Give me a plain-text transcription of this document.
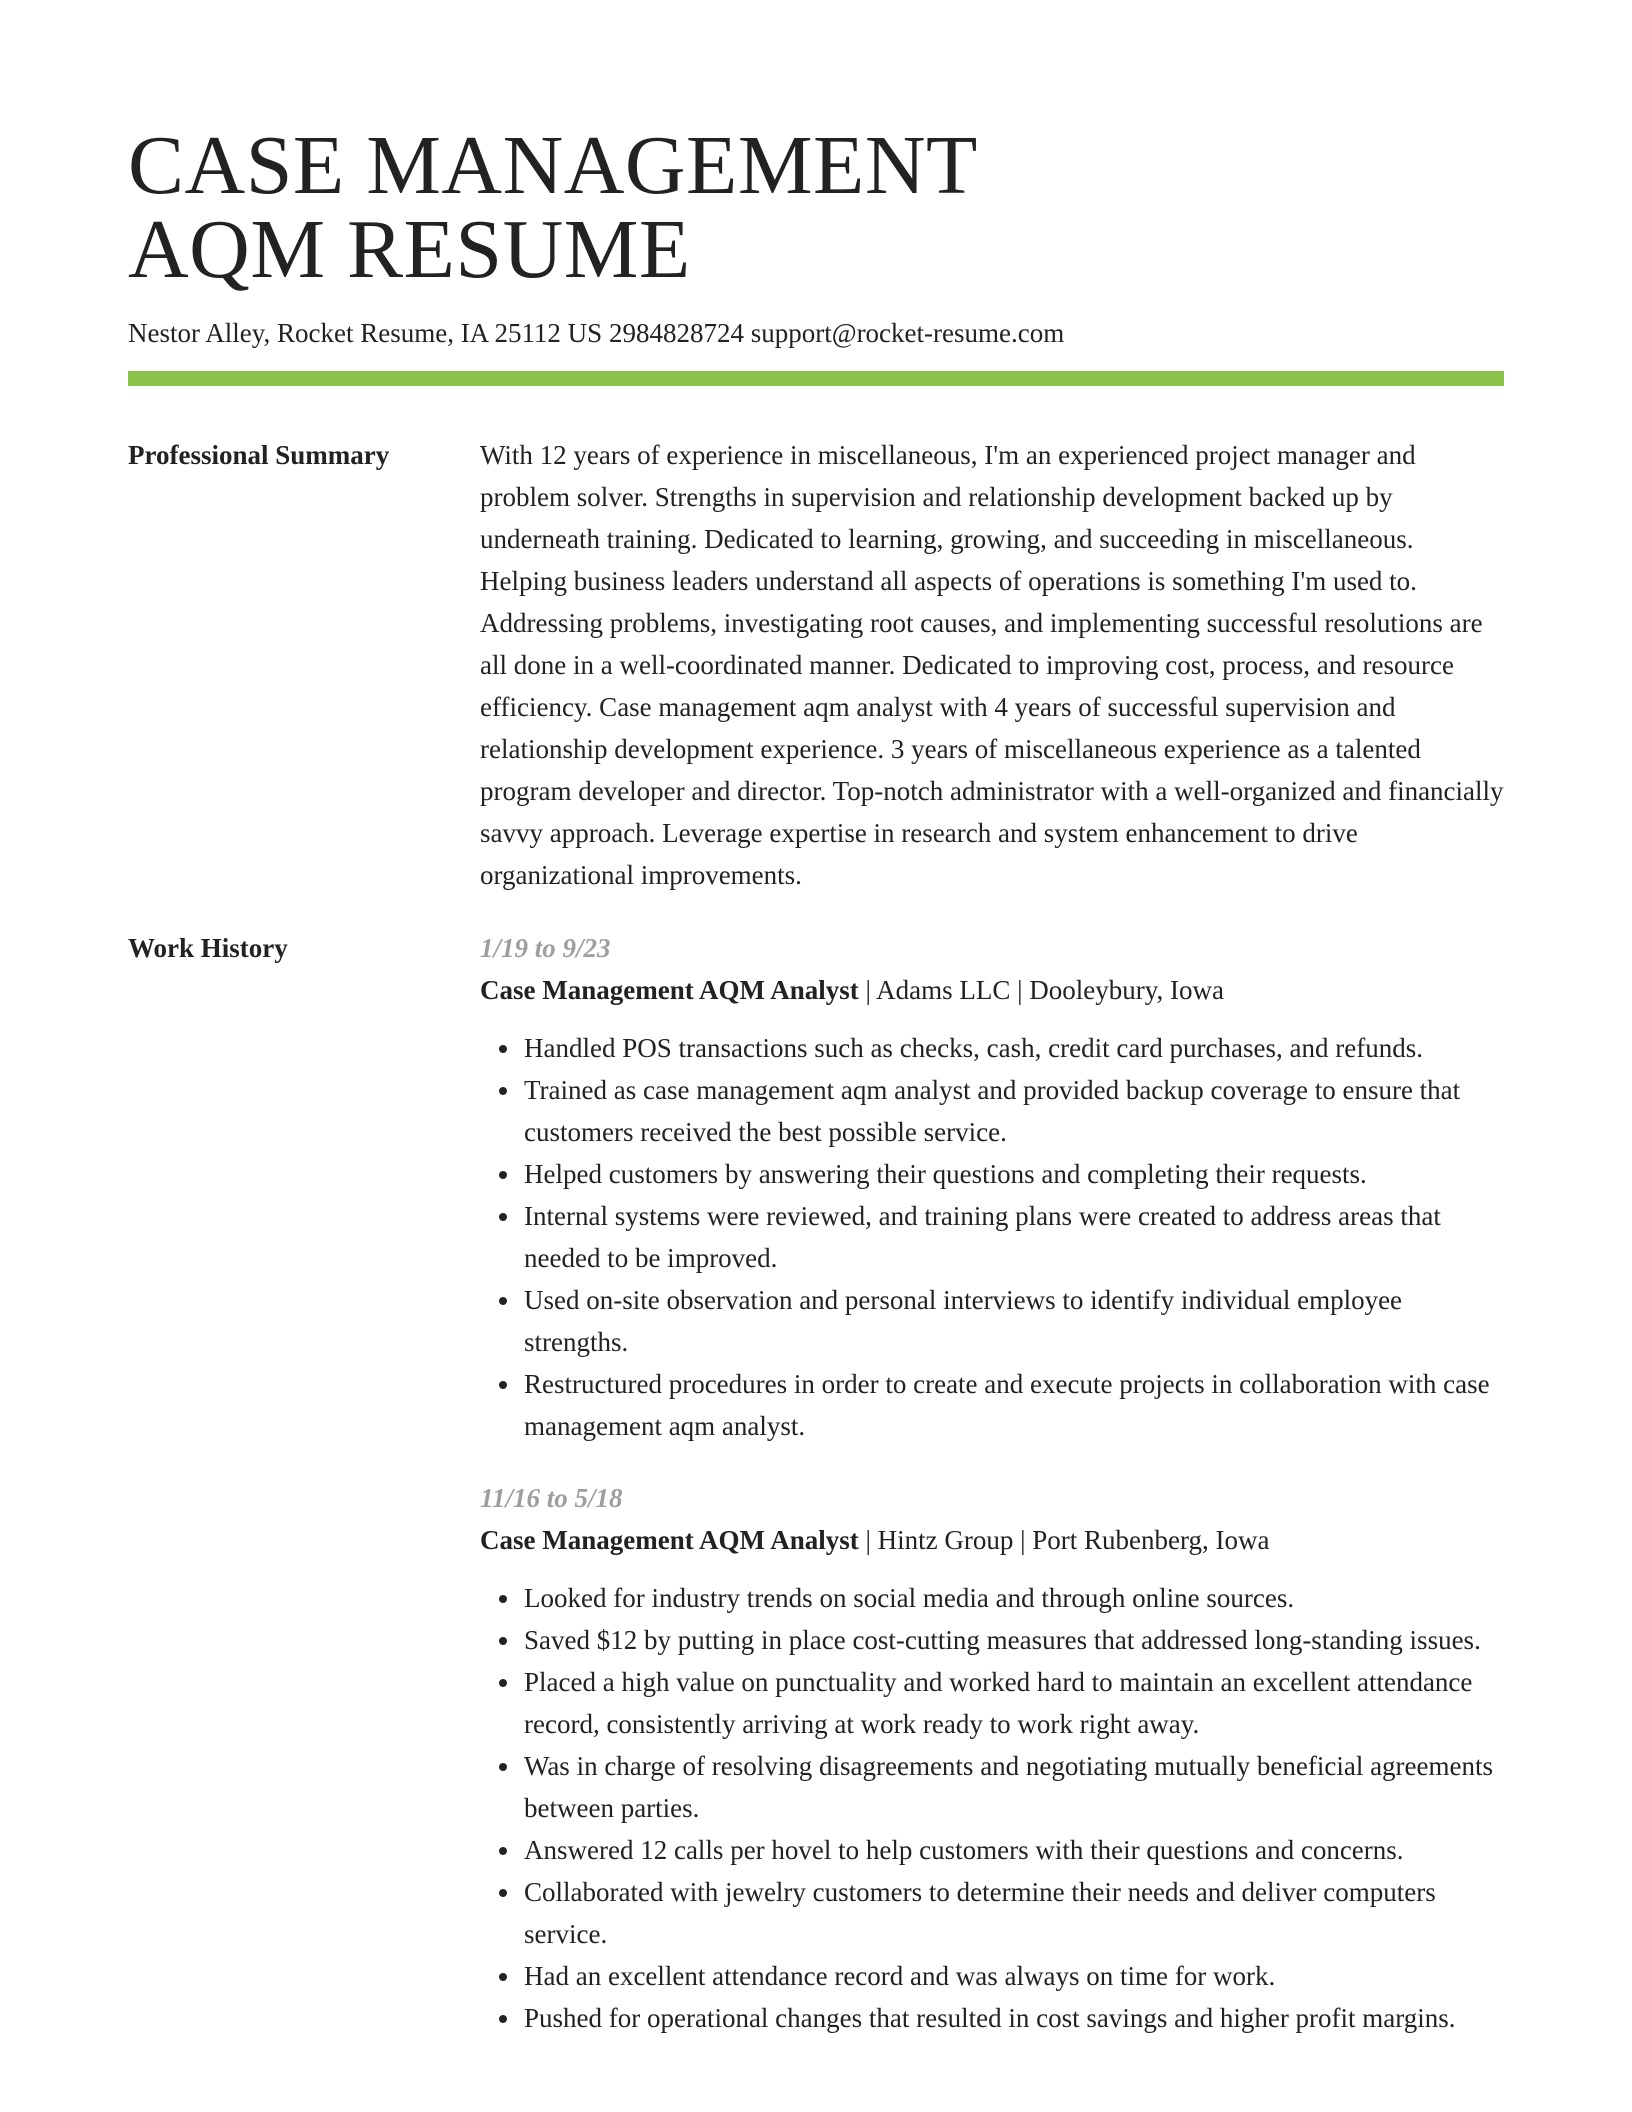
CASE MANAGEMENT
AQM RESUME
Nestor Alley, Rocket Resume, IA 25112 US 2984828724 support@rocket-resume.com
Professional Summary	With 12 years of experience in miscellaneous, I'm an experienced project manager and problem solver. Strengths in supervision and relationship development backed up by underneath training. Dedicated to learning, growing, and succeeding in miscellaneous. Helping business leaders understand all aspects of operations is something I'm used to. Addressing problems, investigating root causes, and implementing successful resolutions are all done in a well-coordinated manner. Dedicated to improving cost, process, and resource efficiency. Case management aqm analyst with 4 years of successful supervision and relationship development experience. 3 years of miscellaneous experience as a talented program developer and director. Top-notch administrator with a well-organized and financially savvy approach. Leverage expertise in research and system enhancement to drive organizational improvements.

Work History	1/19 to 9/23
Case Management AQM Analyst | Adams LLC | Dooleybury, Iowa
Handled POS transactions such as checks, cash, credit card purchases, and refunds.
Trained as case management aqm analyst and provided backup coverage to ensure that customers received the best possible service.
Helped customers by answering their questions and completing their requests.
Internal systems were reviewed, and training plans were created to address areas that needed to be improved.
Used on-site observation and personal interviews to identify individual employee strengths.
Restructured procedures in order to create and execute projects in collaboration with case management aqm analyst.
11/16 to 5/18
Case Management AQM Analyst | Hintz Group | Port Rubenberg, Iowa
Looked for industry trends on social media and through online sources.
Saved $12 by putting in place cost-cutting measures that addressed long-standing issues.
Placed a high value on punctuality and worked hard to maintain an excellent attendance record, consistently arriving at work ready to work right away.
Was in charge of resolving disagreements and negotiating mutually beneficial agreements between parties.
Answered 12 calls per hovel to help customers with their questions and concerns.
Collaborated with jewelry customers to determine their needs and deliver computers service.
Had an excellent attendance record and was always on time for work.
Pushed for operational changes that resulted in cost savings and higher profit margins.
